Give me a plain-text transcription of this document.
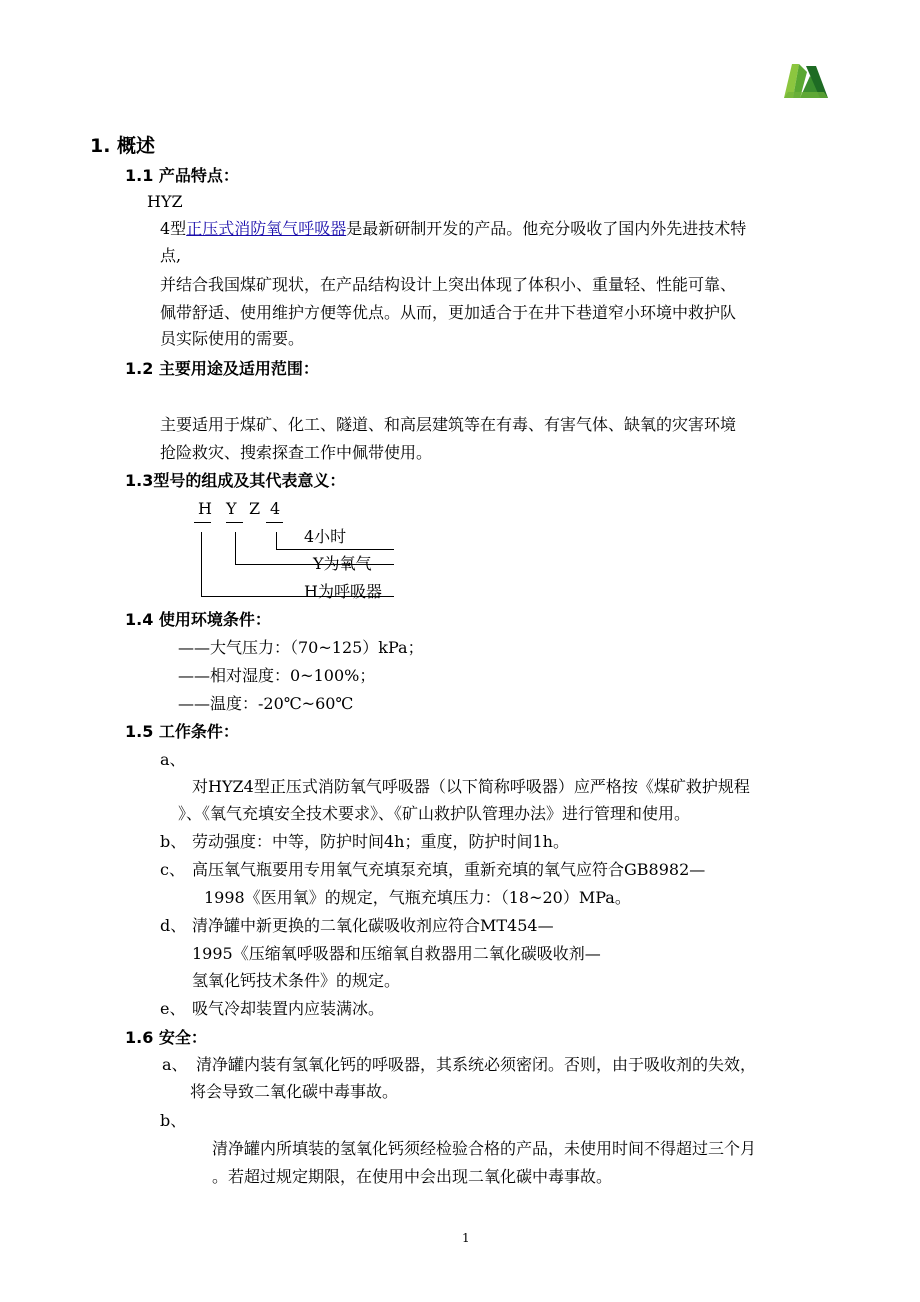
1. 概述
1.1 产品特点：
HYZ
4型正压式消防氧气呼吸器是最新研制开发的产品。他充分吸收了国内外先进技术特
点,
并结合我国煤矿现状，在产品结构设计上突出体现了体积小、重量轻、性能可靠、
佩带舒适、使用维护方便等优点。从而，更加适合于在井下巷道窄小环境中救护队
员实际使用的需要。
1.2 主要用途及适用范围：
主要适用于煤矿、化工、隧道、和高层建筑等在有毒、有害气体、缺氧的灾害环境
抢险救灾、搜索探查工作中佩带使用。
1.3型号的组成及其代表意义：
H Y Z 4
4小时
Y为氧气
H为呼吸器
1.4 使用环境条件：
——大气压力：（70~125）kPa；
——相对湿度：0~100%；
——温度：-20℃~60℃
1.5 工作条件：
a、
对HYZ4型正压式消防氧气呼吸器（以下简称呼吸器）应严格按《煤矿救护规程
》、《氧气充填安全技术要求》、《矿山救护队管理办法》进行管理和使用。
b、 劳动强度：中等，防护时间4h；重度，防护时间1h。
c、 高压氧气瓶要用专用氧气充填泵充填，重新充填的氧气应符合GB8982—
1998《医用氧》的规定，气瓶充填压力：（18~20）MPa。
d、 清净罐中新更换的二氧化碳吸收剂应符合MT454—
1995《压缩氧呼吸器和压缩氧自救器用二氧化碳吸收剂—
氢氧化钙技术条件》的规定。
e、 吸气冷却装置内应装满冰。
1.6 安全：
a、 清净罐内装有氢氧化钙的呼吸器，其系统必须密闭。否则，由于吸收剂的失效，
将会导致二氧化碳中毒事故。
b、
清净罐内所填装的氢氧化钙须经检验合格的产品，未使用时间不得超过三个月
。若超过规定期限，在使用中会出现二氧化碳中毒事故。
1
